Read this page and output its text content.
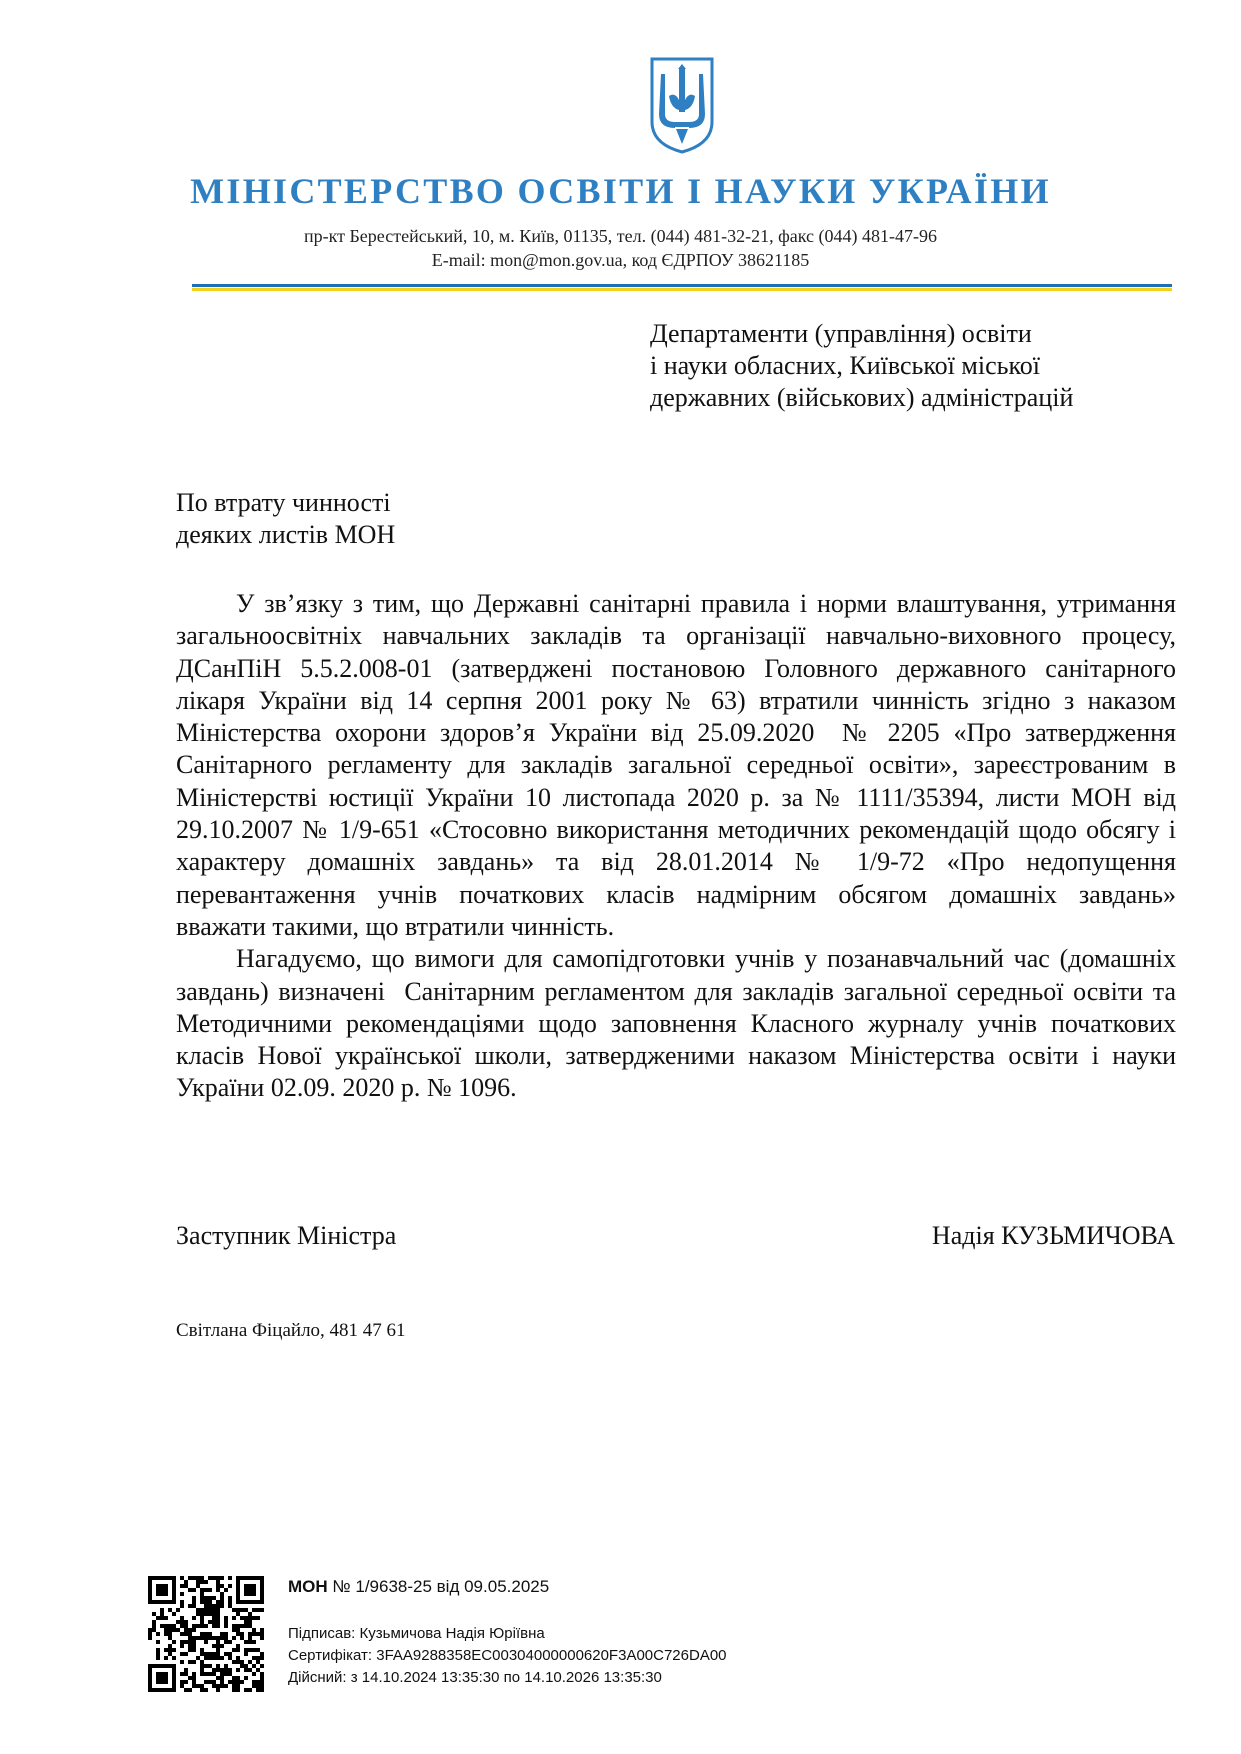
МІНІСТЕРСТВО ОСВІТИ І НАУКИ УКРАЇНИ
пр-кт Берестейський, 10, м. Київ, 01135, тел. (044) 481-32-21, факс (044) 481-47-96
E-mail: mon@mon.gov.ua, код ЄДРПОУ 38621185
Департаменти (управління) освіти
і науки обласних, Київської міської
державних (військових) адміністрацій
По втрату чинності
деяких листів МОН

У зв’язку з тим, що Державні санітарні правила і норми влаштування, утримання загальноосвітніх навчальних закладів та організації навчально-виховного процесу, ДСанПіН 5.5.2.008-01 (затверджені постановою Головного державного санітарного лікаря України від 14 серпня 2001 року № 63) втратили чинність згідно з наказом Міністерства охорони здоров’я України від 25.09.2020  № 2205 «Про затвердження Санітарного регламенту для закладів загальної середньої освіти», зареєстрованим в Міністерстві юстиції України 10 листопада 2020 р. за № 1111/35394, листи МОН від 29.10.2007 № 1/9-651 «Стосовно використання методичних рекомендацій щодо обсягу і характеру домашніх завдань» та від 28.01.2014 № 1/9-72 «Про недопущення перевантаження учнів початкових класів надмірним обсягом домашніх завдань»   вважати такими, що втратили чинність.

Нагадуємо, що вимоги для самопідготовки учнів у позанавчальний час (домашніх завдань) визначені  Санітарним регламентом для закладів загальної середньої освіти та Методичними рекомендаціями щодо заповнення Класного журналу учнів початкових класів Нової української школи, затвердженими наказом Міністерства освіти і науки України 02.09. 2020 р. № 1096.

Заступник Міністра	Надія КУЗЬМИЧОВА
Світлана Фіцайло, 481 47 61
МОН № 1/9638-25 від 09.05.2025
Підписав: Кузьмичова Надія Юріївна
Сертифікат: 3FAA9288358EC00304000000620F3A00C726DA00
Дійсний: з 14.10.2024 13:35:30 по 14.10.2026 13:35:30
